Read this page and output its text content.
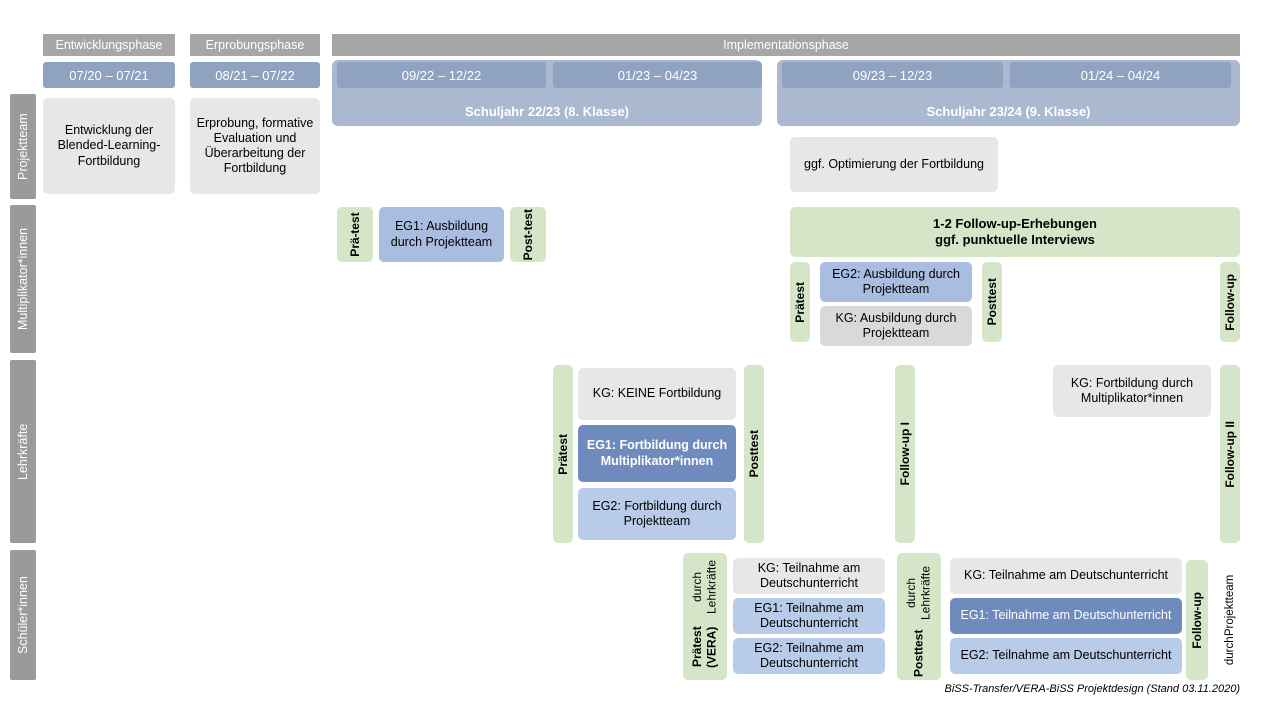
Projektteam
Multiplikator*innen
Lehrkräfte
Schüler*innen
Entwicklungsphase	Erprobungsphase	Implementationsphase
Schuljahr 22/23 (8. Klasse)	Schuljahr 23/24 (9. Klasse)
07/20 – 07/21	08/21 – 07/22	09/22 – 12/22	01/23 – 04/23	09/23 – 12/23	01/24 – 04/24
Entwicklung der Blended-Learning-Fortbildung
Erprobung, formative Evaluation und Überarbeitung der Fortbildung	ggf. Optimierung der Fortbildung
Prä-

test	EG1: Ausbildung durch Projektteam	Post-

test	1-2 Follow-up-Erhebungen
ggf. punktuelle Interviews
Prätest
EG2: Ausbildung durch Projektteam
KG: Ausbildung durch Projektteam
Posttest	Follow-up
Prätest
KG: KEINE Fortbildung
EG1: Fortbildung durch Multiplikator*innen
EG2: Fortbildung durch Projektteam
Posttest	Follow-up I
KG: Fortbildung durch Multiplikator*innen
Follow-up II
Prätest (VERA)
durch Lehrkräfte	KG: Teilnahme am Deutschunterricht
EG1: Teilnahme am Deutschunterricht
EG2: Teilnahme am Deutschunterricht	Posttest
durch Lehrkräfte KG: Teilnahme am Deutschunterricht
EG1: Teilnahme am Deutschunterricht
EG2: Teilnahme am Deutschunterricht
Follow-up
durch
Projektteam
BiSS-Transfer/VERA-BiSS Projektdesign (Stand 03.11.2020)
